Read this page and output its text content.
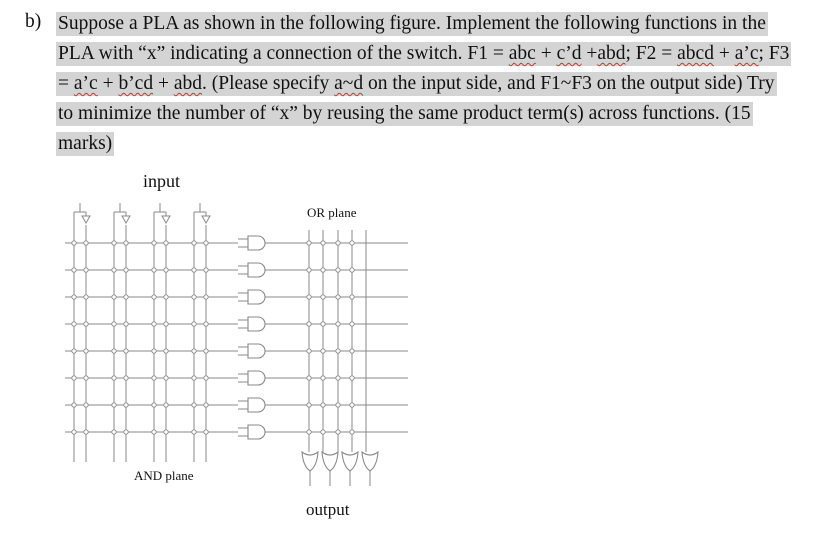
b) Suppose a PLA as shown in the following figure. Implement the following functions in the PLA with “x” indicating a connection of the switch. F1 = abc + c’d +abd; F2 = abcd + a’c; F3 = a’c + b’cd + abd. (Please specify a~d on the input side, and F1~F3 on the output side) Try to minimize the number of “x” by reusing the same product term(s) across functions. (15 marks)
input
OR plane
AND plane
output
